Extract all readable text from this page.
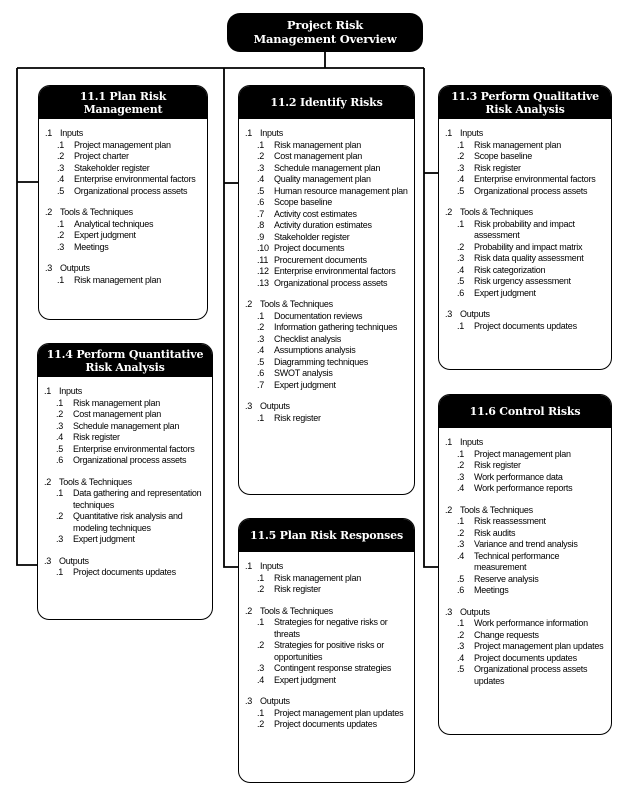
Project Risk
Management Overview
11.1 Plan Risk
Management
.1 Inputs
.1	Project management plan
.2	Project charter
.3	Stakeholder register
.4	Enterprise environmental factors
.5	Organizational process assets
.2 Tools & Techniques
.1	Analytical techniques
.2	Expert judgment
.3	Meetings
.3 Outputs
.1	Risk management plan
11.2 Identify Risks
.1 Inputs
.1	Risk management plan
.2	Cost management plan
.3	Schedule management plan
.4	Quality management plan
.5	Human resource management plan
.6	Scope baseline
.7	Activity cost estimates
.8	Activity duration estimates
.9	Stakeholder register
.10 Project documents
.11 Procurement documents
.12 Enterprise environmental factors
.13 Organizational process assets
.2 Tools & Techniques
.1	Documentation reviews
.2	Information gathering techniques
.3	Checklist analysis
.4	Assumptions analysis
.5	Diagramming techniques
.6	SWOT analysis
.7	Expert judgment
.3 Outputs
.1	Risk register
11.3 Perform Qualitative
Risk Analysis
.1 Inputs
.1	Risk management plan
.2	Scope baseline
.3	Risk register
.4	Enterprise environmental factors
.5	Organizational process assets
.2 Tools & Techniques
.1	Risk probability and impact assessment
.2	Probability and impact matrix
.3	Risk data quality assessment
.4	Risk categorization
.5	Risk urgency assessment
.6	Expert judgment
.3 Outputs
.1	Project documents updates
11.4 Perform Quantitative
Risk Analysis
.1 Inputs
.1	Risk management plan
.2	Cost management plan
.3	Schedule management plan
.4	Risk register
.5	Enterprise environmental factors
.6	Organizational process assets
.2 Tools & Techniques
.1	Data gathering and representation techniques
.2	Quantitative risk analysis and modeling techniques
.3	Expert judgment
.3 Outputs
.1	Project documents updates
11.5 Plan Risk Responses
.1 Inputs
.1	Risk management plan
.2	Risk register
.2 Tools & Techniques
.1	Strategies for negative risks or threats
.2	Strategies for positive risks or opportunities
.3	Contingent response strategies
.4	Expert judgment
.3 Outputs
.1	Project management plan updates
.2	Project documents updates
11.6 Control Risks
.1 Inputs
.1	Project management plan
.2	Risk register
.3	Work performance data
.4	Work performance reports
.2 Tools & Techniques
.1	Risk reassessment
.2	Risk audits
.3	Variance and trend analysis
.4	Technical performance measurement
.5	Reserve analysis
.6	Meetings
.3 Outputs
.1	Work performance information
.2	Change requests
.3	Project management plan updates
.4	Project documents updates
.5	Organizational process assets updates
